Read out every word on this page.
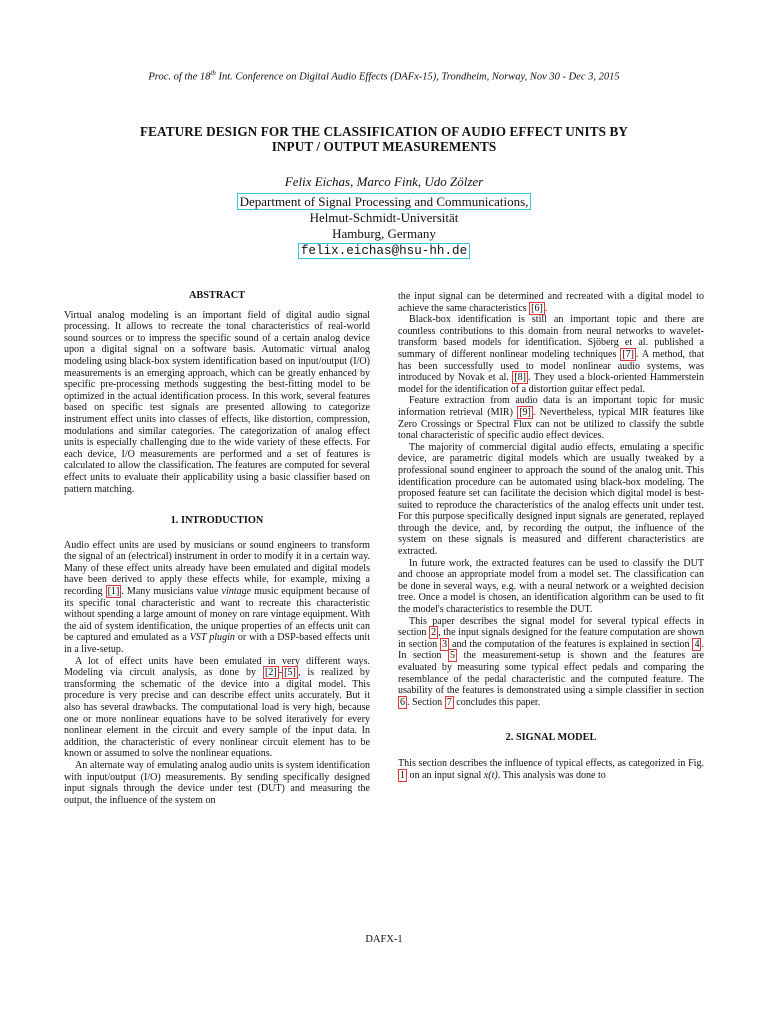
Proc. of the 18th Int. Conference on Digital Audio Effects (DAFx-15), Trondheim, Norway, Nov 30 - Dec 3, 2015
FEATURE DESIGN FOR THE CLASSIFICATION OF AUDIO EFFECT UNITS BY
INPUT / OUTPUT MEASUREMENTS
Felix Eichas, Marco Fink, Udo Zölzer
Department of Signal Processing and Communications,
Helmut-Schmidt-Universität
Hamburg, Germany
felix.eichas@hsu-hh.de
ABSTRACT

Virtual analog modeling is an important field of digital audio signal processing. It allows to recreate the tonal characteristics of real-world sound sources or to impress the specific sound of a certain analog device upon a digital signal on a software basis. Automatic virtual analog modeling using black-box system identification based on input/output (I/O) measurements is an emerging approach, which can be greatly enhanced by specific pre-processing methods suggesting the best-fitting model to be optimized in the actual identification process. In this work, several features based on specific test signals are presented allowing to categorize instrument effect units into classes of effects, like distortion, compression, modulations and similar categories. The categorization of analog effect units is especially challenging due to the wide variety of these effects. For each device, I/O measurements are performed and a set of features is calculated to allow the classification. The features are computed for several effect units to evaluate their applicability using a basic classifier based on pattern matching.

1. INTRODUCTION

Audio effect units are used by musicians or sound engineers to transform the signal of an (electrical) instrument in order to modify it in a certain way. Many of these effect units already have been emulated and digital models have been derived to apply these effects while, for example, mixing a recording [1] . Many musicians value vintage music equipment because of its specific tonal characteristic and want to recreate this characteristic without spending a large amount of money on rare vintage equipment. With the aid of system identification, the unique properties of an effects unit can be captured and emulated as a VST plugin or with a DSP-based effects unit in a live-setup.

A lot of effect units have been emulated in very different ways. Modeling via circuit analysis, as done by [2] - [5] , is realized by transforming the schematic of the device into a digital model. This procedure is very precise and can describe effect units accurately. But it also has several drawbacks. The computational load is very high, because one or more nonlinear equations have to be solved iteratively for every nonlinear element in the circuit and every sample of the input data. In addition, the characteristic of every nonlinear circuit element has to be known or assumed to solve the nonlinear equations.

An alternate way of emulating analog audio units is system identification with input/output (I/O) measurements. By sending specifically designed input signals through the device under test (DUT) and measuring the output, the influence of the system on

the input signal can be determined and recreated with a digital model to achieve the same characteristics [6] .

Black-box identification is still an important topic and there are countless contributions to this domain from neural networks to wavelet-transform based models for identification. Sjöberg et al. published a summary of different nonlinear modeling techniques [7] . A method, that has been successfully used to model nonlinear audio systems, was introduced by Novak et al. [8] . They used a block-oriented Hammerstein model for the identification of a distortion guitar effect pedal.

Feature extraction from audio data is an important topic for music information retrieval (MIR) [9] . Nevertheless, typical MIR features like Zero Crossings or Spectral Flux can not be utilized to classify the subtle tonal characteristic of specific audio effect devices.

The majority of commercial digital audio effects, emulating a specific device, are parametric digital models which are usually tweaked by a professional sound engineer to approach the sound of the analog unit. This identification procedure can be automated using black-box modeling. The proposed feature set can facilitate the decision which digital model is best-suited to reproduce the characteristics of the analog effects unit under test. For this purpose specifically designed input signals are generated, replayed through the device, and, by recording the output, the influence of the system on these signals is measured and different characteristics are extracted.

In future work, the extracted features can be used to classify the DUT and choose an appropriate model from a model set. The classification can be done in several ways, e.g. with a neural network or a weighted decision tree. Once a model is chosen, an identification algorithm can be used to fit the model's characteristics to resemble the DUT.

This paper describes the signal model for several typical effects in section 2 , the input signals designed for the feature computation are shown in section 3 and the computation of the features is explained in section 4 . In section 5 the measurement-setup is shown and the features are evaluated by measuring some typical effect pedals and comparing the resemblance of the pedal characteristic and the computed feature. The usability of the features is demonstrated using a simple classifier in section 6 . Section 7 concludes this paper.

2. SIGNAL MODEL

This section describes the influence of typical effects, as categorized in Fig. 1 on an input signal x(t). This analysis was done to

DAFX-1
